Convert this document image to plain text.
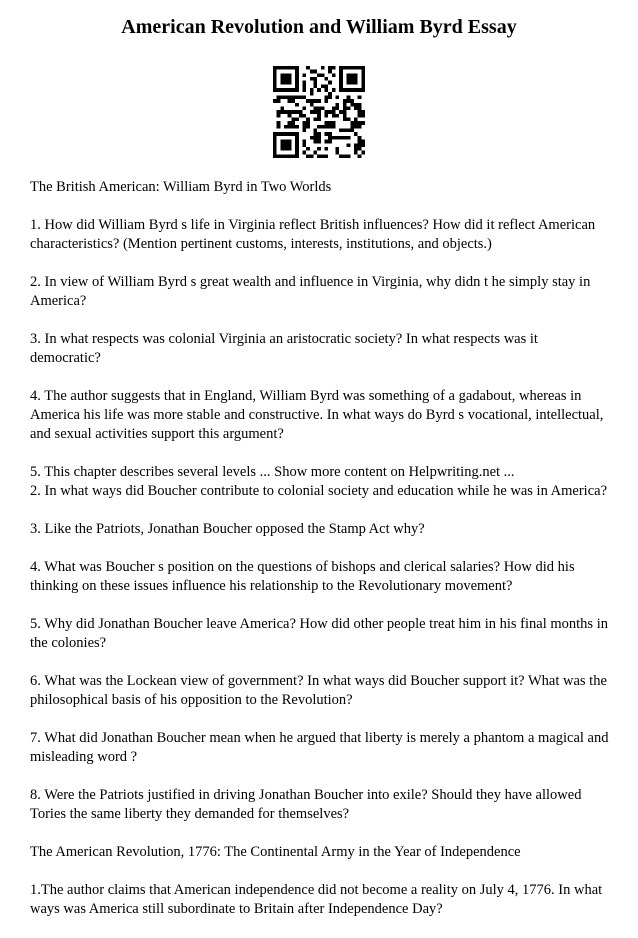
American Revolution and William Byrd Essay

The British American: William Byrd in Two Worlds

1. How did William Byrd s life in Virginia reflect British influences? How did it reflect American characteristics? (Mention pertinent customs, interests, institutions, and objects.)

2. In view of William Byrd s great wealth and influence in Virginia, why didn t he simply stay in America?

3. In what respects was colonial Virginia an aristocratic society? In what respects was it democratic?

4. The author suggests that in England, William Byrd was something of a gadabout, whereas in America his life was more stable and constructive. In what ways do Byrd s vocational, intellectual, and sexual activities support this argument?

5. This chapter describes several levels ... Show more content on Helpwriting.net ...

2. In what ways did Boucher contribute to colonial society and education while he was in America?

3. Like the Patriots, Jonathan Boucher opposed the Stamp Act why?

4. What was Boucher s position on the questions of bishops and clerical salaries? How did his thinking on these issues influence his relationship to the Revolutionary movement?

5. Why did Jonathan Boucher leave America? How did other people treat him in his final months in the colonies?

6. What was the Lockean view of government? In what ways did Boucher support it? What was the philosophical basis of his opposition to the Revolution?

7. What did Jonathan Boucher mean when he argued that liberty is merely a phantom a magical and misleading word ?

8. Were the Patriots justified in driving Jonathan Boucher into exile? Should they have allowed Tories the same liberty they demanded for themselves?

The American Revolution, 1776: The Continental Army in the Year of Independence

1.The author claims that American independence did not become a reality on July 4, 1776. In what ways was America still subordinate to Britain after Independence Day?
